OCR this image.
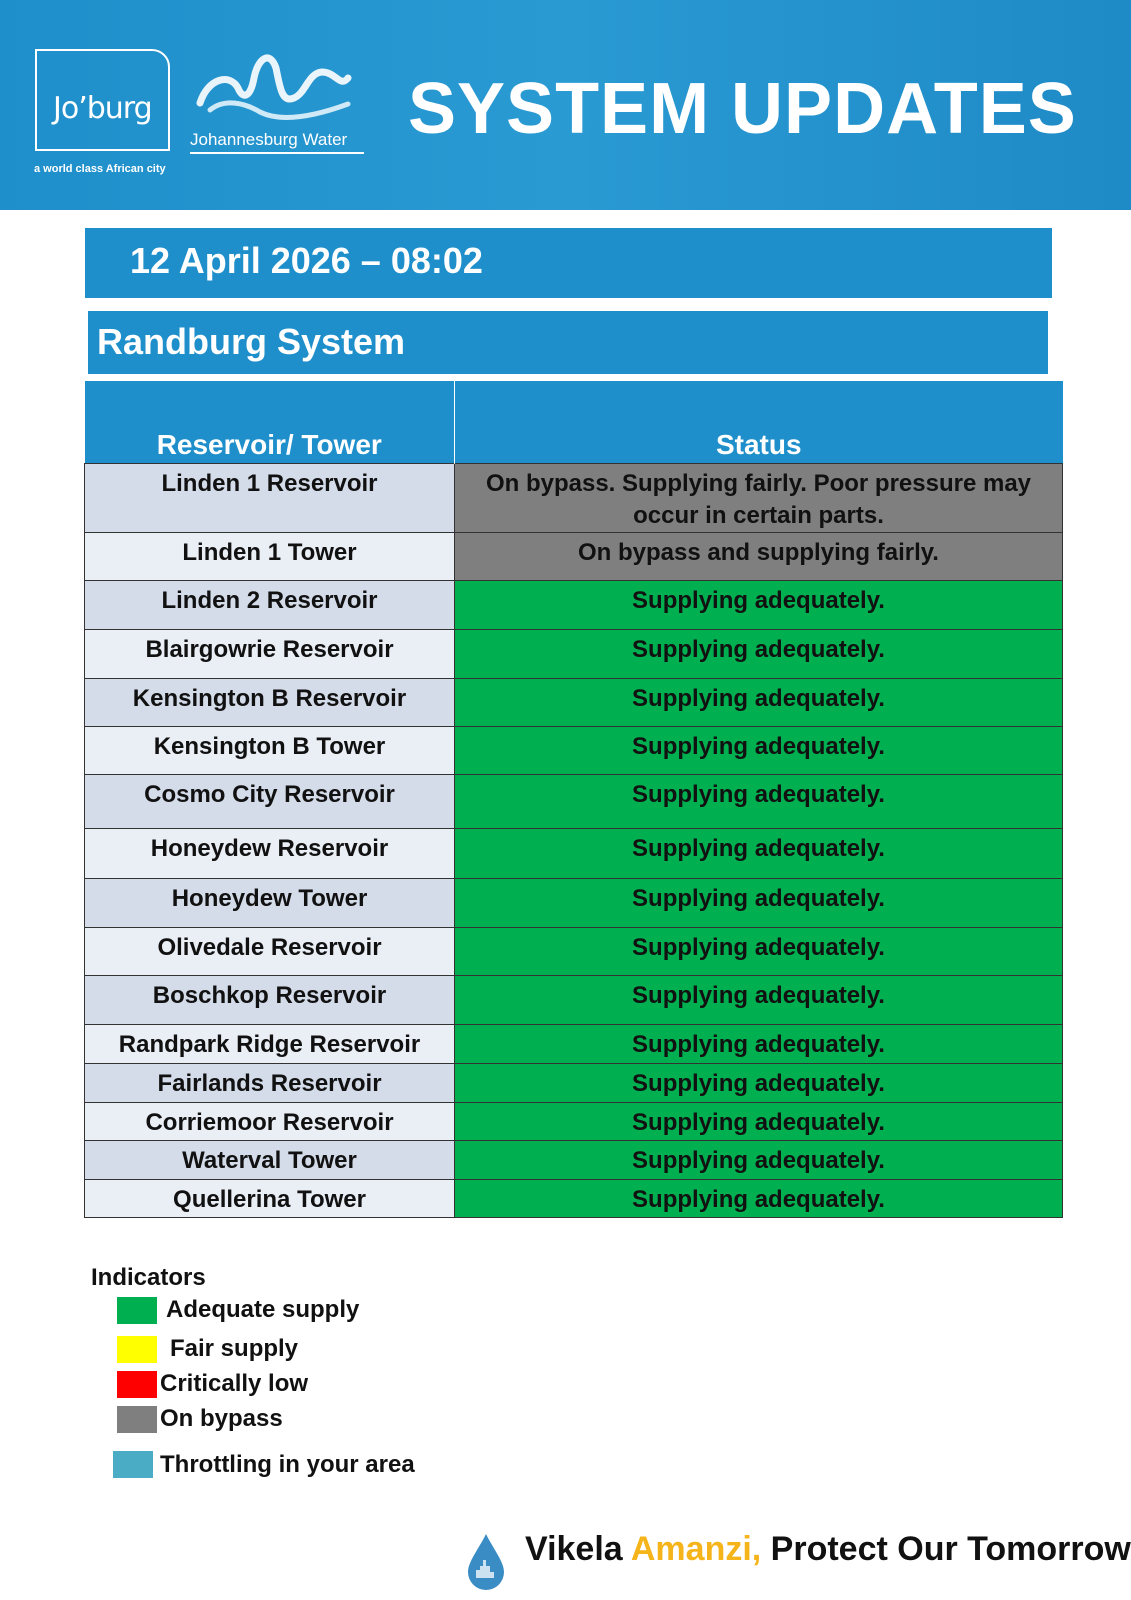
Jo’burg
a world class African city
Johannesburg Water SYSTEM UPDATES
12 April 2026 – 08:02
Randburg System
Reservoir/ Tower	Status
Linden 1 Reservoir	On bypass. Supplying fairly. Poor pressure may occur in certain parts.
Linden 1 Tower	On bypass and supplying fairly.
Linden 2 Reservoir	Supplying adequately.
Blairgowrie Reservoir	Supplying adequately.
Kensington B Reservoir	Supplying adequately.
Kensington B Tower	Supplying adequately.
Cosmo City Reservoir	Supplying adequately.
Honeydew Reservoir	Supplying adequately.
Honeydew Tower	Supplying adequately.
Olivedale Reservoir	Supplying adequately.
Boschkop Reservoir	Supplying adequately.
Randpark Ridge Reservoir	Supplying adequately.
Fairlands Reservoir	Supplying adequately.
Corriemoor Reservoir	Supplying adequately.
Waterval Tower	Supplying adequately.
Quellerina Tower	Supplying adequately.
Indicators
Adequate supply
Fair supply
Critically low
On bypass
Throttling in your area
Vikela Amanzi, Protect Our Tomorrow
